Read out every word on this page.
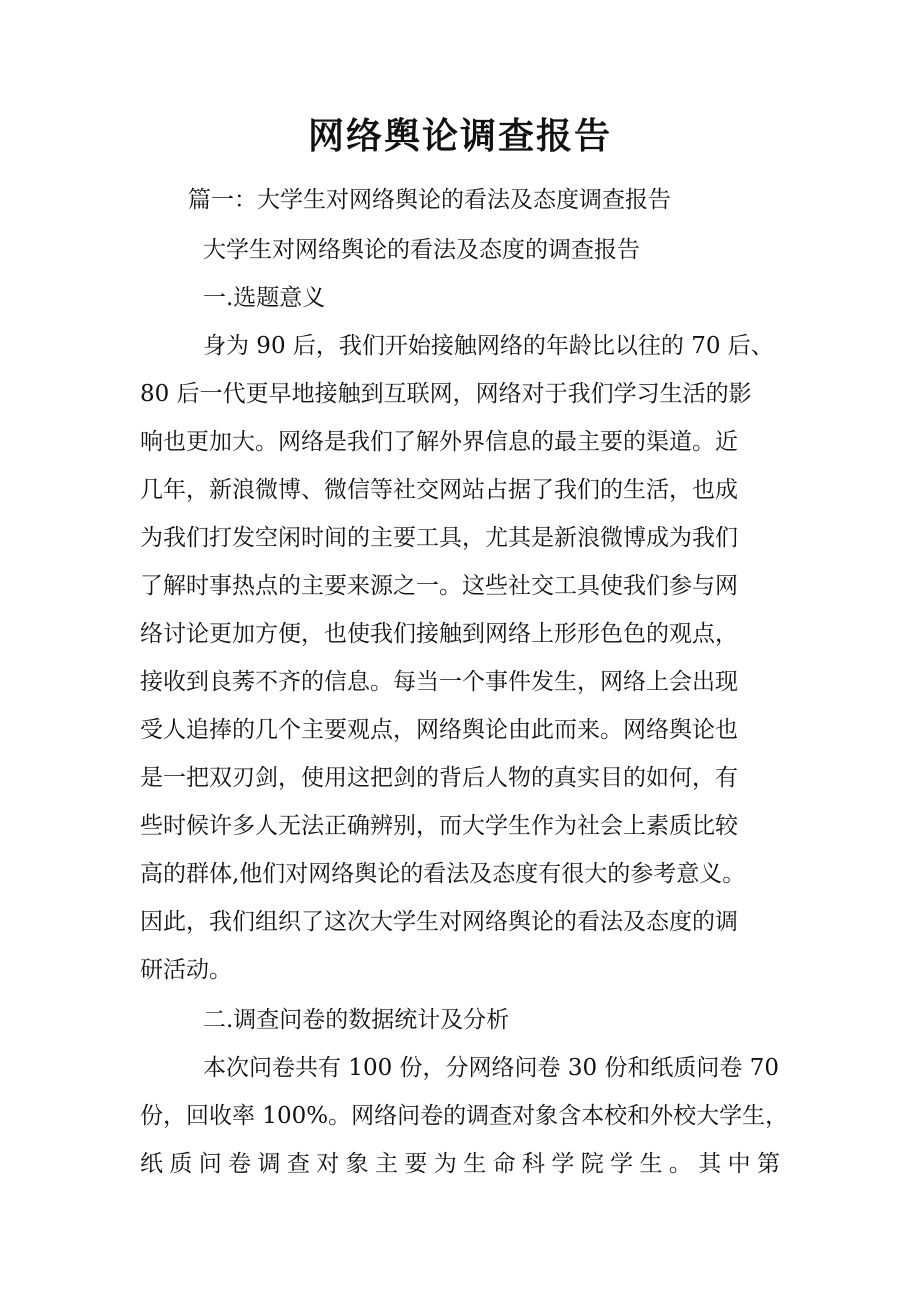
网络舆论调查报告
篇一：大学生对网络舆论的看法及态度调查报告
大学生对网络舆论的看法及态度的调查报告
一.选题意义
身为 90 后，我们开始接触网络的年龄比以往的 70 后、
80 后一代更早地接触到互联网，网络对于我们学习生活的影
响也更加大。网络是我们了解外界信息的最主要的渠道。近
几年，新浪微博、微信等社交网站占据了我们的生活，也成
为我们打发空闲时间的主要工具，尤其是新浪微博成为我们
了解时事热点的主要来源之一。这些社交工具使我们参与网
络讨论更加方便，也使我们接触到网络上形形色色的观点，
接收到良莠不齐的信息。每当一个事件发生，网络上会出现
受人追捧的几个主要观点，网络舆论由此而来。网络舆论也
是一把双刃剑，使用这把剑的背后人物的真实目的如何，有
些时候许多人无法正确辨别，而大学生作为社会上素质比较
高的群体,他们对网络舆论的看法及态度有很大的参考意义。
因此，我们组织了这次大学生对网络舆论的看法及态度的调
研活动。
二.调查问卷的数据统计及分析
本次问卷共有 100 份，分网络问卷 30 份和纸质问卷 70
份，回收率 100%。网络问卷的调查对象含本校和外校大学生，
纸质问卷调查对象主要为生命科学院学生。其中第
